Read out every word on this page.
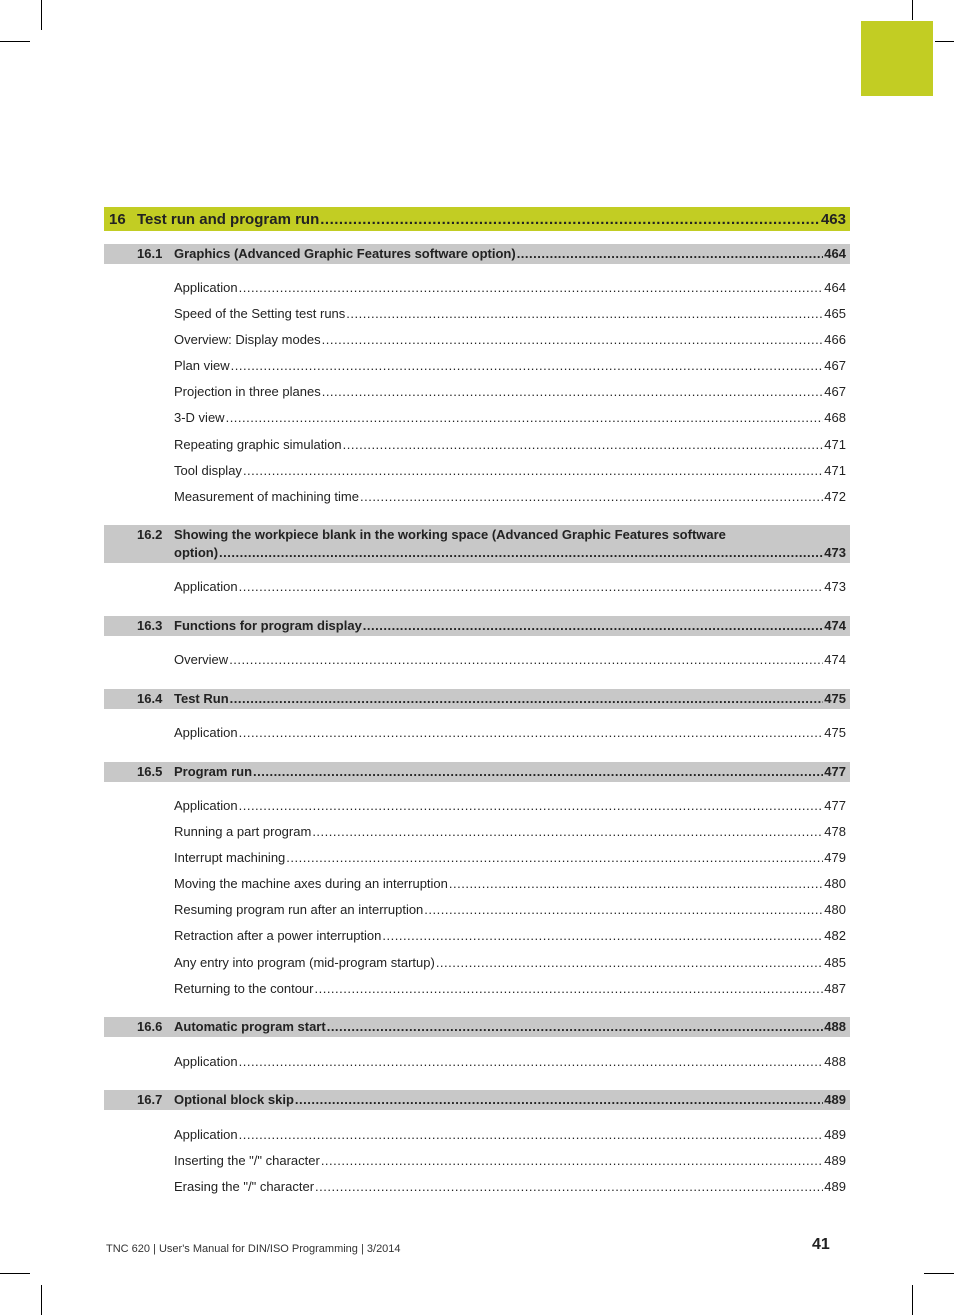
16 Test run and program run .....	463
16.1 Graphics (Advanced Graphic Features software option) .....	464
Application .....	464
Speed of the Setting test runs .....	465
Overview: Display modes .....	466
Plan view .....	467
Projection in three planes .....	467
3-D view .....	468
Repeating graphic simulation .....	471
Tool display .....	471
Measurement of machining time .....	472
16.2 Showing the workpiece blank in the working space (Advanced Graphic Features software
option) .....	473
Application .....	473
16.3 Functions for program display .....	474
Overview .....	474
16.4 Test Run .....	475
Application .....	475
16.5 Program run .....	477
Application .....	477
Running a part program .....	478
Interrupt machining .....	479
Moving the machine axes during an interruption .....	480
Resuming program run after an interruption .....	480
Retraction after a power interruption .....	482
Any entry into program (mid-program startup) .....	485
Returning to the contour .....	487
16.6 Automatic program start .....	488
Application .....	488
16.7 Optional block skip .....	489
Application .....	489
Inserting the "/" character .....	489
Erasing the "/" character .....	489
TNC 620 | User's Manual for DIN/ISO Programming | 3/2014	41
